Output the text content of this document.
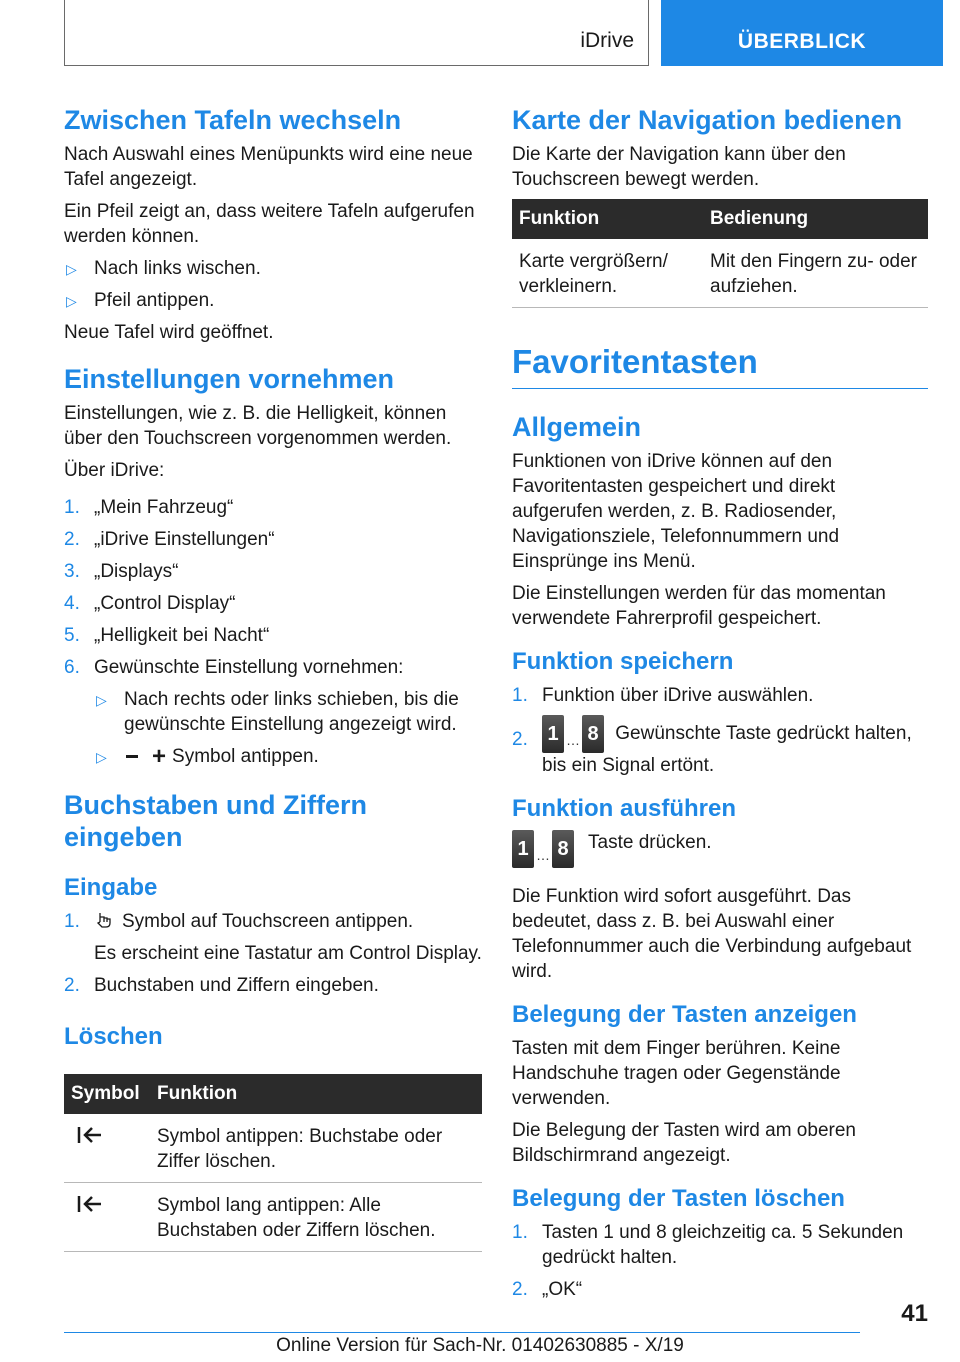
iDrive	ÜBERBLICK
Zwischen Tafeln wechseln

Nach Auswahl eines Menüpunkts wird eine neue Tafel angezeigt.

Ein Pfeil zeigt an, dass weitere Tafeln aufgerufen werden können.

▷ Nach links wischen.
▷ Pfeil antippen.

Neue Tafel wird geöffnet.

Einstellungen vornehmen

Einstellungen, wie z. B. die Helligkeit, können über den Touchscreen vorgenommen werden.

Über iDrive:

1. „Mein Fahrzeug“
2. „iDrive Einstellungen“
3. „Displays“
4. „Control Display“
5. „Helligkeit bei Nacht“
6. Gewünschte Einstellung vornehmen:
▷ Nach rechts oder links schieben, bis die gewünschte Einstellung angezeigt wird.
▷ + Symbol antippen.
Buchstaben und Ziffern eingeben
Eingabe
1. Symbol auf Touchscreen antippen.

Es erscheint eine Tastatur am Control Display.

2. Buchstaben und Ziffern eingeben.
Löschen
Symbol	Funktion
	Symbol antippen: Buchstabe oder Ziffer löschen.
	Symbol lang antippen: Alle Buchstaben oder Ziffern löschen.
Karte der Navigation bedienen

Die Karte der Navigation kann über den Touchscreen bewegt werden.

Funktion	Bedienung
Karte vergrößern/ verkleinern.	Mit den Fingern zu- oder aufziehen.
Favoritentasten
Allgemein

Funktionen von iDrive können auf den Favoritentasten gespeichert und direkt aufgerufen werden, z. B. Radiosender, Navigationsziele, Telefonnummern und Einsprünge ins Menü.

Die Einstellungen werden für das momentan verwendete Fahrerprofil gespeichert.

Funktion speichern
1. Funktion über iDrive auswählen.
2. 1 … 8 Gewünschte Taste gedrückt halten, bis ein Signal ertönt.
Funktion ausführen
1 … 8 Taste drücken.

Die Funktion wird sofort ausgeführt. Das bedeutet, dass z. B. bei Auswahl einer Telefonnummer auch die Verbindung aufgebaut wird.

Belegung der Tasten anzeigen

Tasten mit dem Finger berühren. Keine Handschuhe tragen oder Gegenstände verwenden.

Die Belegung der Tasten wird am oberen Bildschirmrand angezeigt.

Belegung der Tasten löschen
1. Tasten 1 und 8 gleichzeitig ca. 5 Sekunden gedrückt halten.
2. „OK“
41
Online Version für Sach-Nr. 01402630885 - X/19
